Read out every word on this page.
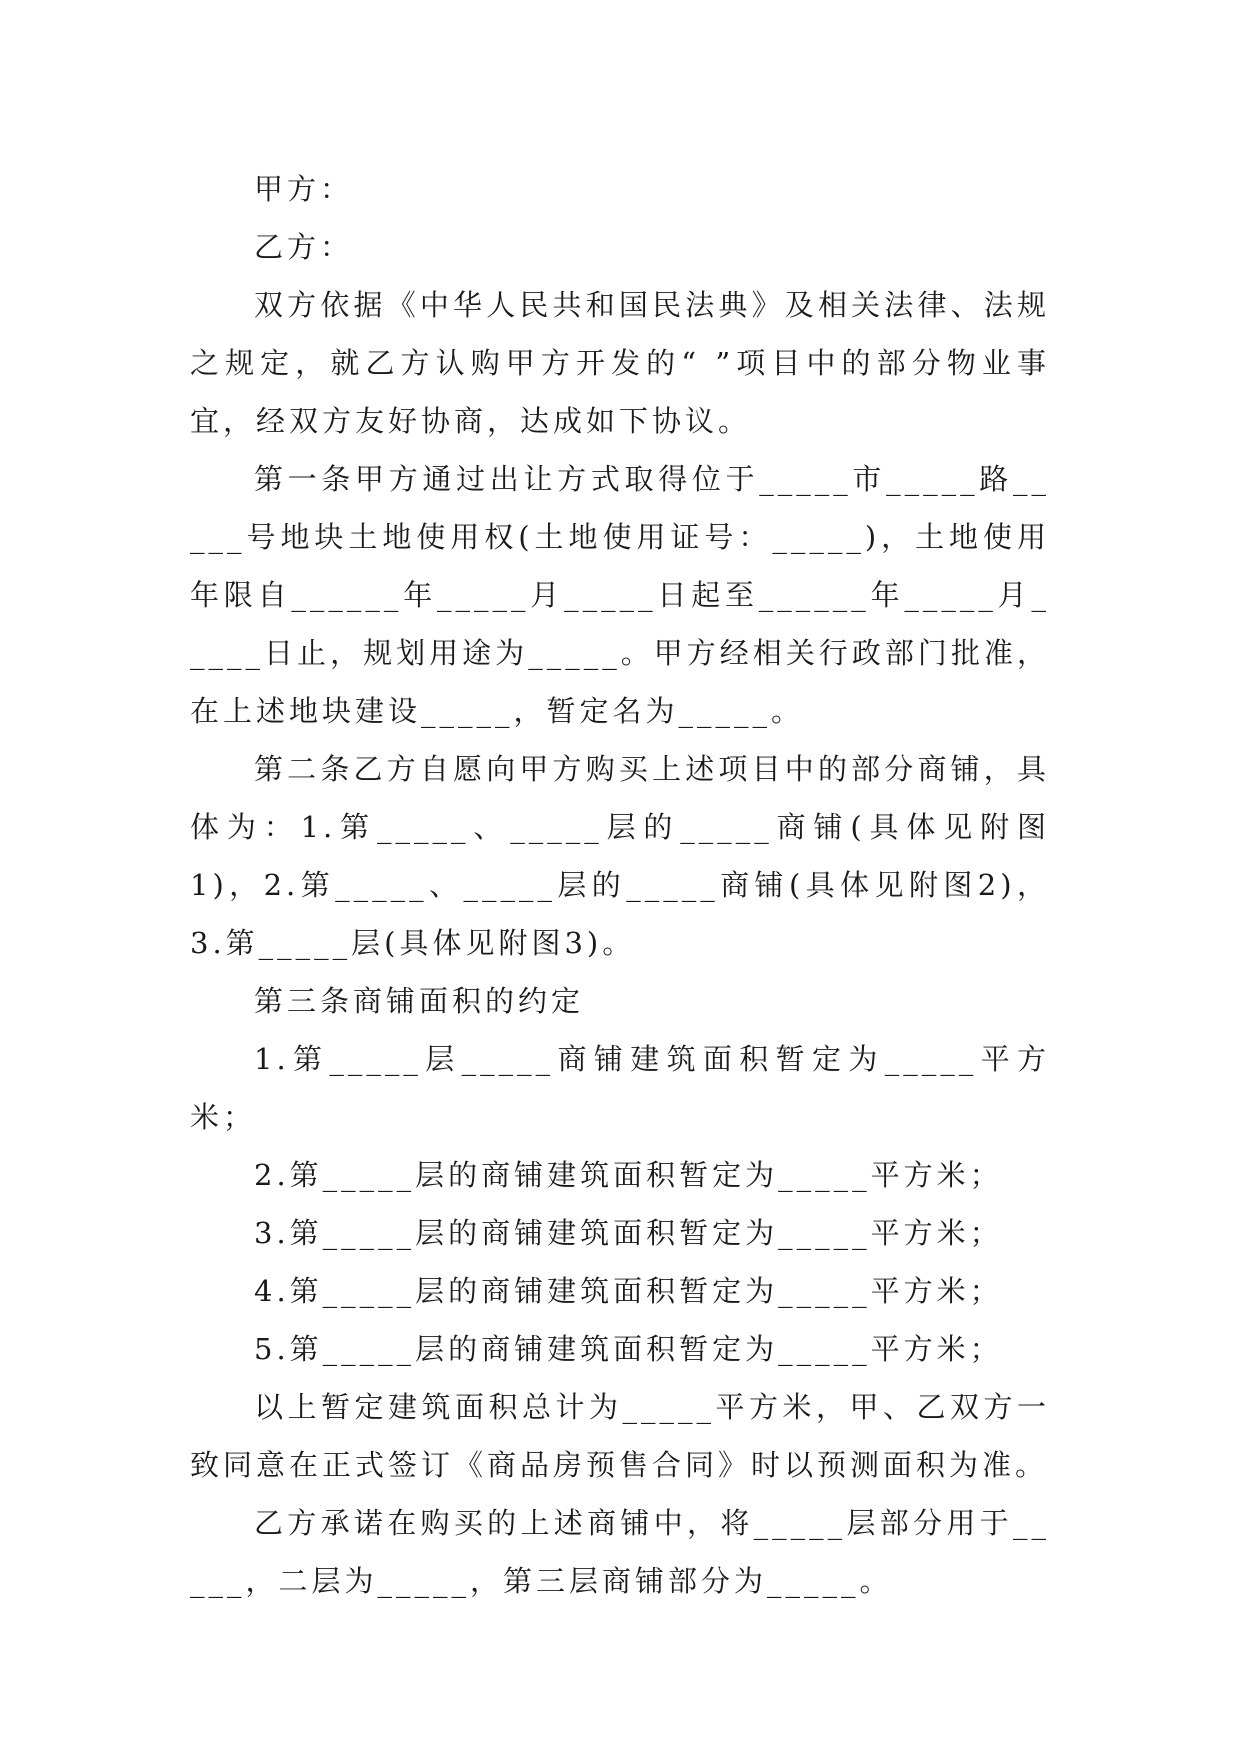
甲方：

乙方：

双方依据《中华人民共和国民法典》及相关法律、法规之规定，就乙方认购甲方开发的“ ”项目中的部分物业事宜，经双方友好协商，达成如下协议。

第一条甲方通过出让方式取得位于_____市_____路_____号地块土地使用权(土地使用证号：_____)，土地使用年限自______年_____月_____日起至______年_____月_____日止，规划用途为_____。甲方经相关行政部门批准，在上述地块建设_____，暂定名为_____。

第二条乙方自愿向甲方购买上述项目中的部分商铺，具体为：1.第_____、_____层的_____商铺(具体见附图1)，2.第_____、_____层的_____商铺(具体见附图2)，3.第_____层(具体见附图3)。

第三条商铺面积的约定

1.第_____层_____商铺建筑面积暂定为_____平方米；

2.第_____层的商铺建筑面积暂定为_____平方米；

3.第_____层的商铺建筑面积暂定为_____平方米；

4.第_____层的商铺建筑面积暂定为_____平方米；

5.第_____层的商铺建筑面积暂定为_____平方米；

以上暂定建筑面积总计为_____平方米，甲、乙双方一致同意在正式签订《商品房预售合同》时以预测面积为准。

乙方承诺在购买的上述商铺中，将_____层部分用于_____，二层为_____，第三层商铺部分为_____。
